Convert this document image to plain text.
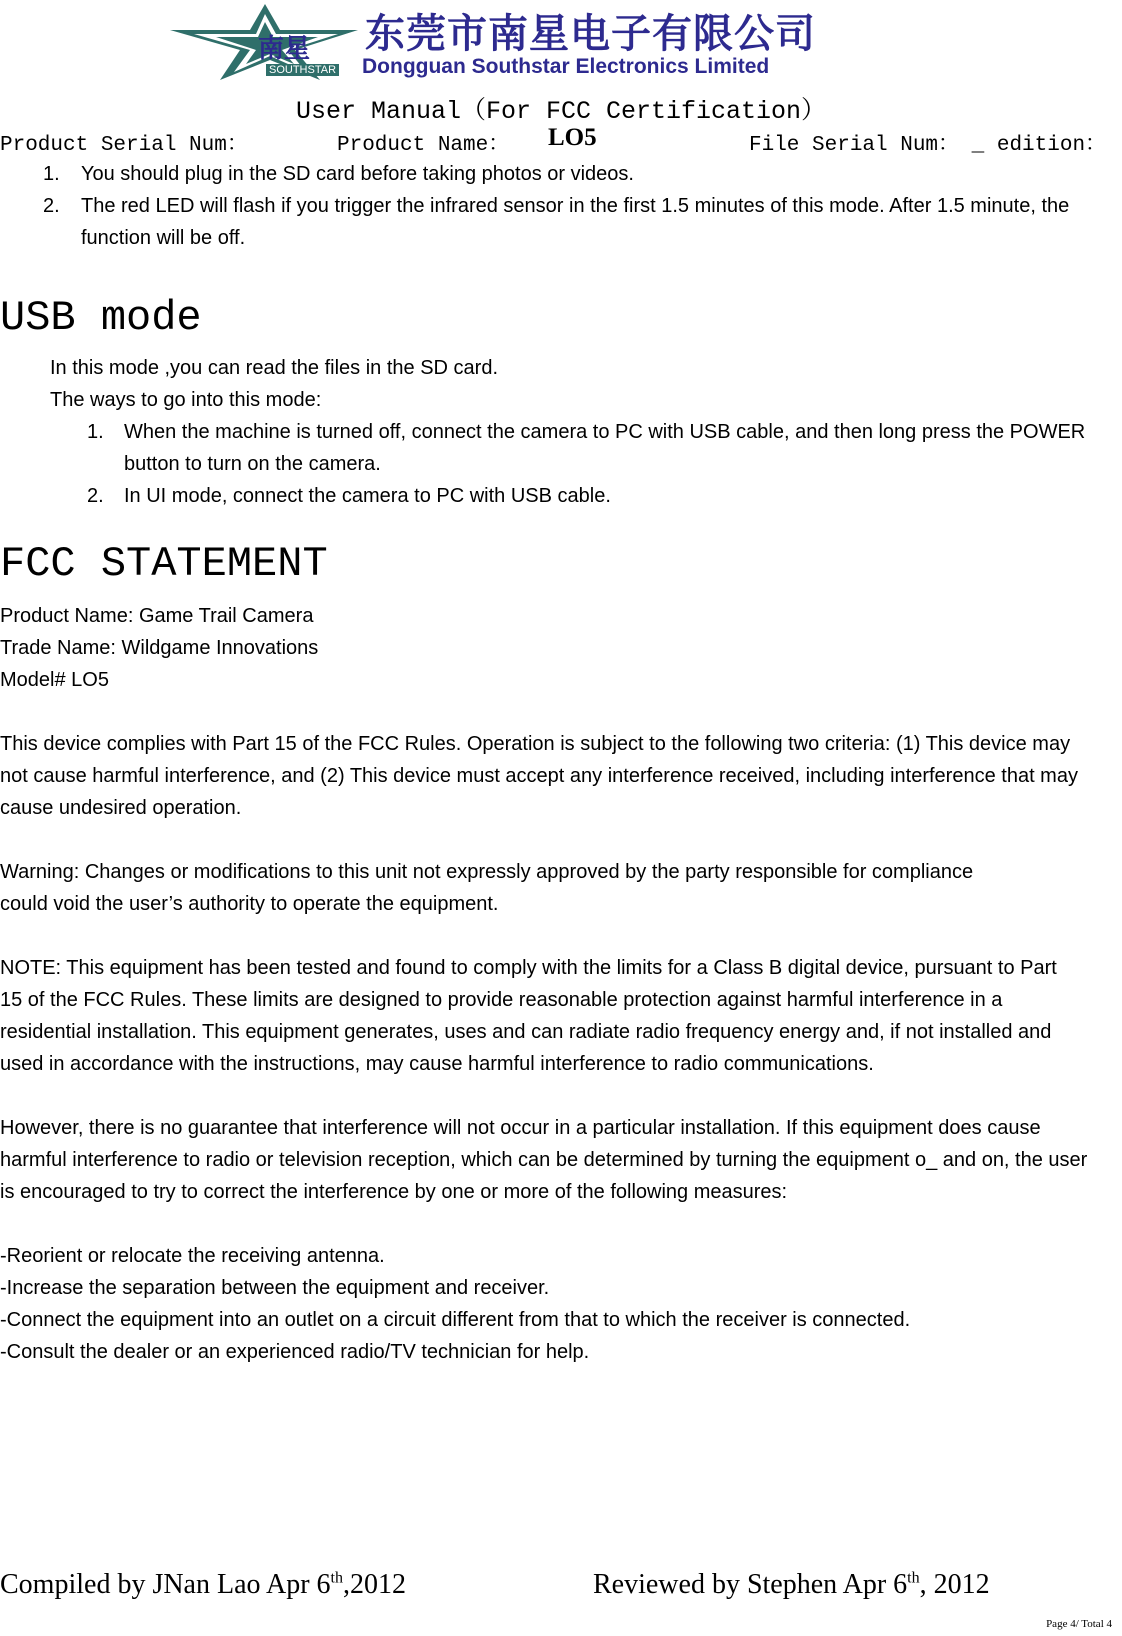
南星
SOUTHSTAR
东莞市南星电子有限公司
Dongguan Southstar Electronics Limited
User Manual（For FCC Certification）
Product Serial Num：	Product Name： LO5	File Serial Num： _ edition：
1. You should plug in the SD card before taking photos or videos.
2. The red LED will flash if you trigger the infrared sensor in the first 1.5 minutes of this mode. After 1.5 minute, the function will be off.
USB mode
In this mode ,you can read the files in the SD card.
The ways to go into this mode:
1. When the machine is turned off, connect the camera to PC with USB cable, and then long press the POWER button to turn on the camera.
2. In UI mode, connect the camera to PC with USB cable.
FCC STATEMENT
Product Name: Game Trail Camera
Trade Name: Wildgame Innovations
Model# LO5
This device complies with Part 15 of the FCC Rules. Operation is subject to the following two criteria: (1) This device may not cause harmful interference, and (2) This device must accept any interference received, including interference that may cause undesired operation.
Warning: Changes or modifications to this unit not expressly approved by the party responsible for compliance could void the user’s authority to operate the equipment.
NOTE: This equipment has been tested and found to comply with the limits for a Class B digital device, pursuant to Part 15 of the FCC Rules. These limits are designed to provide reasonable protection against harmful interference in a residential installation. This equipment generates, uses and can radiate radio frequency energy and, if not installed and used in accordance with the instructions, may cause harmful interference to radio communications.
However, there is no guarantee that interference will not occur in a particular installation. If this equipment does cause harmful interference to radio or television reception, which can be determined by turning the equipment o_ and on, the user is encouraged to try to correct the interference by one or more of the following measures:
-Reorient or relocate the receiving antenna.
-Increase the separation between the equipment and receiver.
-Connect the equipment into an outlet on a circuit different from that to which the receiver is connected.
-Consult the dealer or an experienced radio/TV technician for help.
Compiled by JNan Lao Apr 6th,2012	Reviewed by Stephen Apr 6th, 2012
Page 4/ Total 4
